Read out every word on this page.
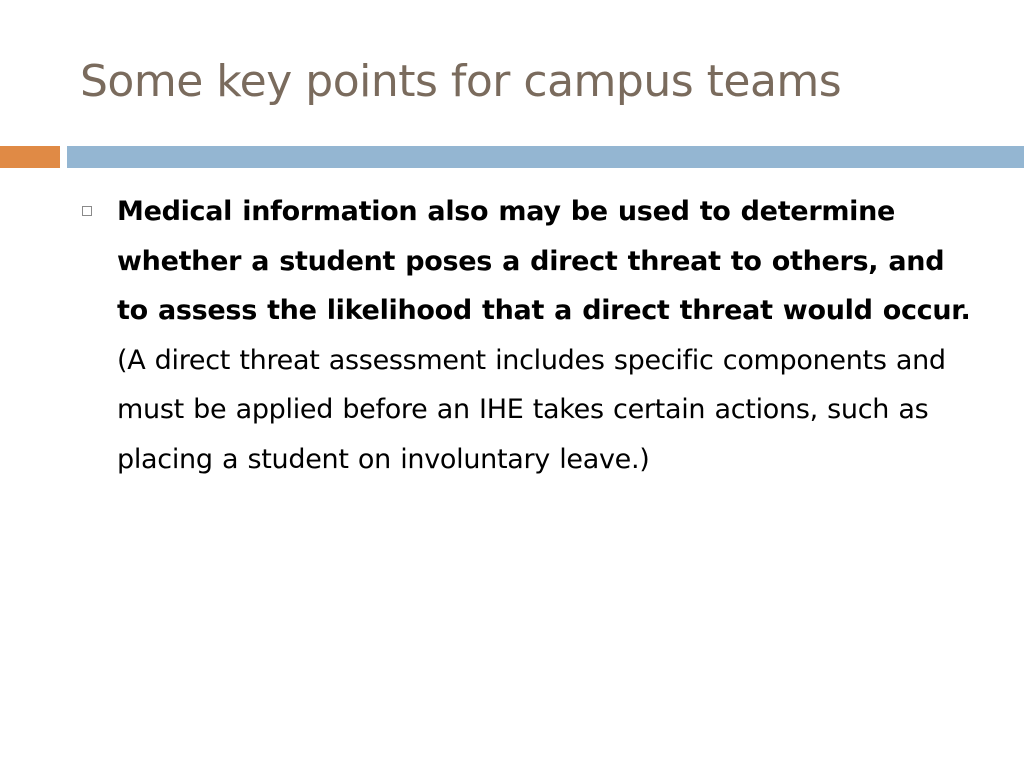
Some key points for campus teams
Medical information also may be used to determine whether a student poses a direct threat to others, and to assess the likelihood that a direct threat would occur.  (A direct threat assessment includes specific components and must be applied before an IHE takes certain actions, such as placing a student on involuntary leave.)
